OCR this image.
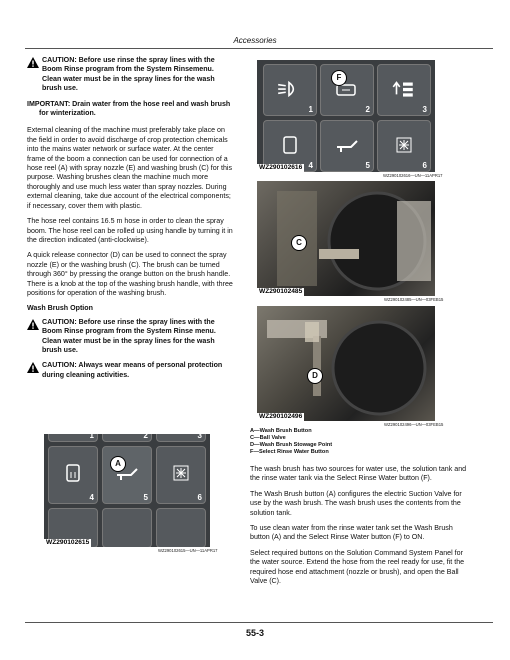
Accessories
CAUTION: Before use rinse the spray lines with the Boom Rinse program from the System Rinsemenu. Clean water must be in the spray lines for the wash brush use.
IMPORTANT: Drain water from the hose reel and wash brush for winterization.

External cleaning of the machine must preferably take place on the field in order to avoid discharge of crop protection chemicals into the mains water network or surface water. At the center frame of the boom a connection can be used for connection of a hose reel (A) with spray nozzle (E) and washing brush (C) for this purpose. Washing brushes clean the machine much more thoroughly and use much less water than spray nozzles. During external cleaning, take due account of the electrical components; if necessary, cover them with plastic.

The hose reel contains 16.5 m hose in order to clean the spray boom. The hose reel can be rolled up using handle by turning it in the direction indicated (anti-clockwise).

A quick release connector (D) can be used to connect the spray nozzle (E) or the washing brush (C). The brush can be turned through 360° by pressing the orange button on the brush handle. There is a knob at the top of the washing brush handle, with three positions for operation of the washing brush.

Wash Brush Option
CAUTION: Before use rinse the spray lines with the Boom Rinse program from the System Rinse menu. Clean water must be in the spray lines for the wash brush use.
CAUTION: Always wear means of personal protection during cleaning activities.
1	2	3
4	5	6
A
WZ290102615
WZ290102615—UN—11APR17
1	2	3
4	5	6
F
WZ290102616
WZ290102616—UN—11APR17
C
WZ290102485
WZ290102485—UN—03FEB15
D
WZ290102496
WZ290102496—UN—03FEB15
A—Wash Brush Button
C—Ball Valve
D—Wash Brush Stowage Point
F—Select Rinse Water Button

The wash brush has two sources for water use, the solution tank and the rinse water tank via the Select Rinse Water button (F).

The Wash Brush button (A) configures the electric Suction Valve for use by the wash brush. The wash brush uses the contents from the solution tank.

To use clean water from the rinse water tank set the Wash Brush button (A) and the Select Rinse Water button (F) to ON.

Select required buttons on the Solution Command System Panel for the water source. Extend the hose from the reel ready for use, fit the required hose end attachment (nozzle or brush), and open the Ball Valve (C).

55-3
